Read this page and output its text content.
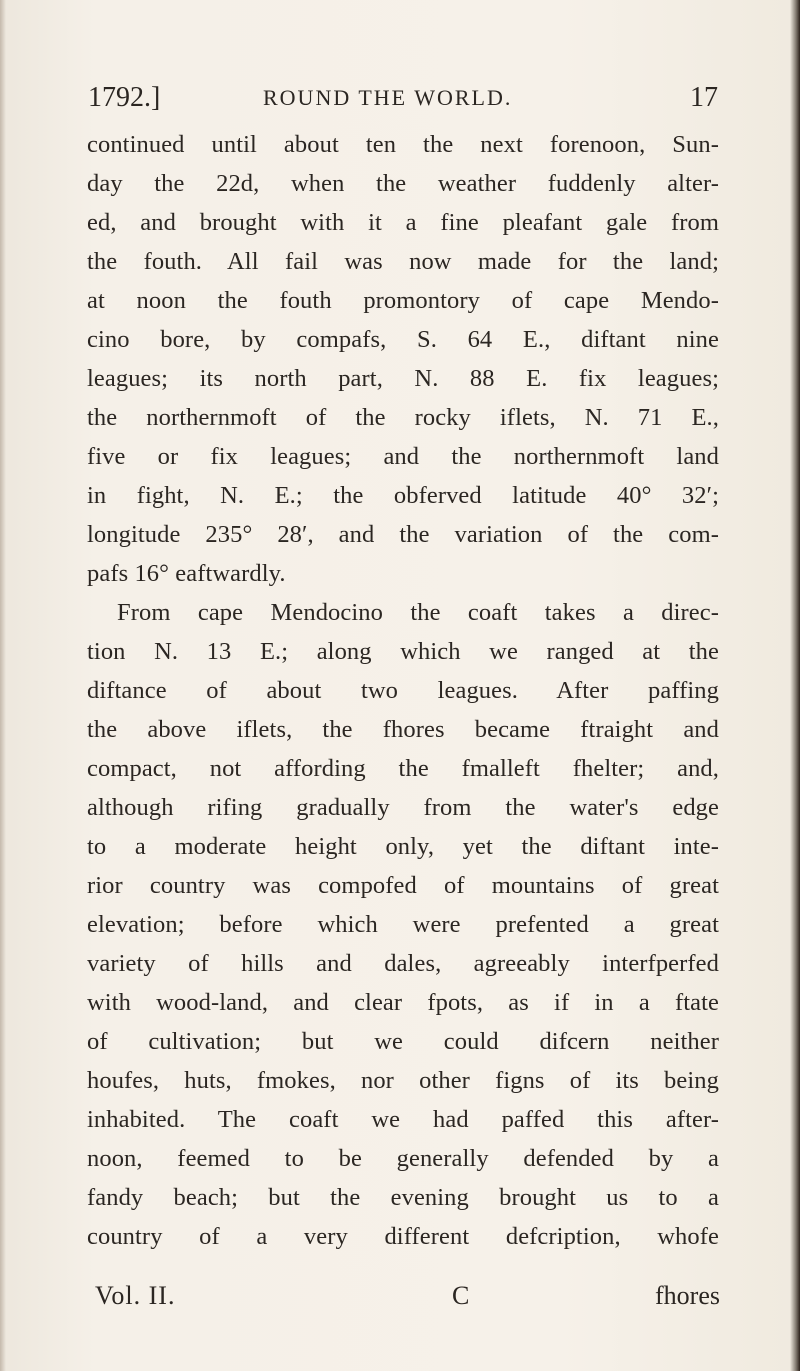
1792.]	ROUND THE WORLD.	17
continued until about ten the next forenoon, Sun-
day the 22d, when the weather fuddenly alter-
ed, and brought with it a fine pleafant gale from
the fouth. All fail was now made for the land;
at noon the fouth promontory of cape Mendo-
cino bore, by compafs, S. 64 E., diftant nine
leagues; its north part, N. 88 E. fix leagues;
the northernmoft of the rocky iflets, N. 71 E.,
five or fix leagues; and the northernmoft land
in fight, N. E.; the obferved latitude 40° 32′;
longitude 235° 28′, and the variation of the com-
pafs 16° eaftwardly.
From cape Mendocino the coaft takes a direc-
tion N. 13 E.; along which we ranged at the
diftance of about two leagues. After paffing
the above iflets, the fhores became ftraight and
compact, not affording the fmalleft fhelter; and,
although rifing gradually from the water's edge
to a moderate height only, yet the diftant inte-
rior country was compofed of mountains of great
elevation; before which were prefented a great
variety of hills and dales, agreeably interfperfed
with wood-land, and clear fpots, as if in a ftate
of cultivation; but we could difcern neither
houfes, huts, fmokes, nor other figns of its being
inhabited. The coaft we had paffed this after-
noon, feemed to be generally defended by a
fandy beach; but the evening brought us to a
country of a very different defcription, whofe
Vol. II.	C	fhores
